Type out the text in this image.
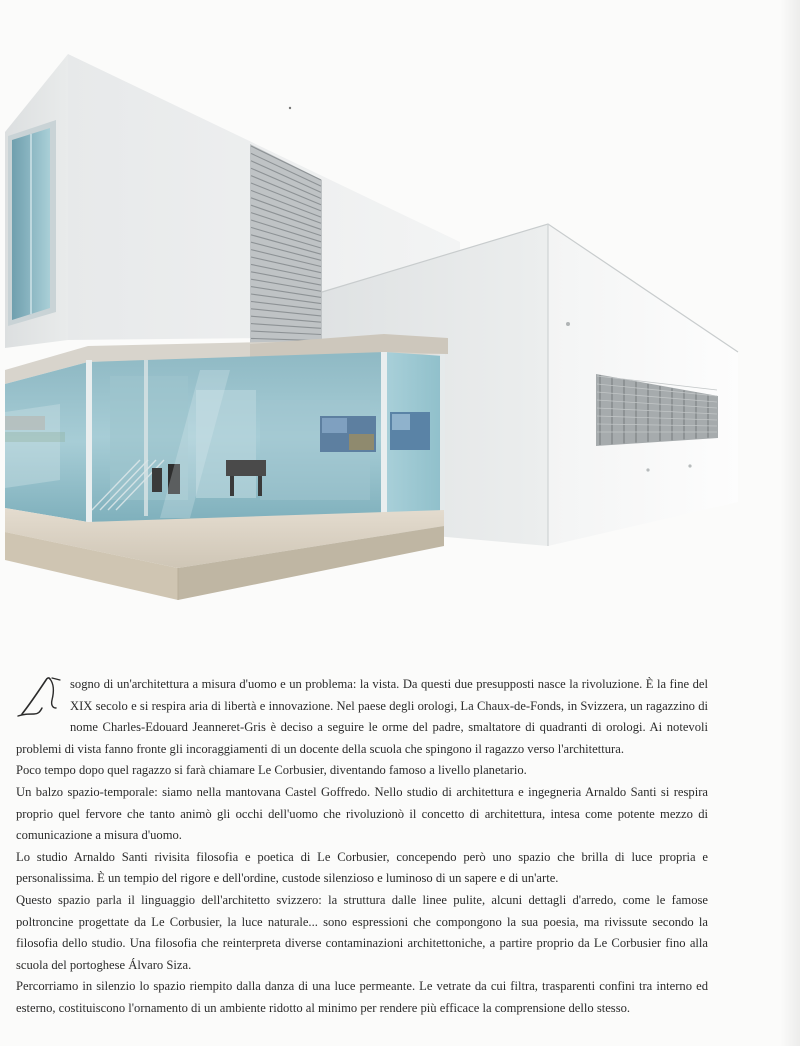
sogno di un'architettura a misura d'uomo e un problema: la vista. Da questi due presupposti nasce la rivoluzione. È la fine del XIX secolo e si respira aria di libertà e innovazione. Nel paese degli orologi, La Chaux-de-Fonds, in Svizzera, un ragazzino di nome Charles-Edouard Jeanneret-Gris è deciso a seguire le orme del padre, smaltatore di quadranti di orologi. Ai notevoli problemi di vista fanno fronte gli incoraggiamenti di un docente della scuola che spingono il ragazzo verso l'architettura.

Poco tempo dopo quel ragazzo si farà chiamare Le Corbusier, diventando famoso a livello planetario.

Un balzo spazio-temporale: siamo nella mantovana Castel Goffredo. Nello studio di architettura e ingegneria Arnaldo Santi si respira proprio quel fervore che tanto animò gli occhi dell'uomo che rivoluzionò il concetto di architettura, intesa come potente mezzo di comunicazione a misura d'uomo.

Lo studio Arnaldo Santi rivisita filosofia e poetica di Le Corbusier, concependo però uno spazio che brilla di luce propria e personalissima. È un tempio del rigore e dell'ordine, custode silenzioso e luminoso di un sapere e di un'arte.

Questo spazio parla il linguaggio dell'architetto svizzero: la struttura dalle linee pulite, alcuni dettagli d'arredo, come le famose poltroncine progettate da Le Corbusier, la luce naturale... sono espressioni che compongono la sua poesia, ma rivissute secondo la filosofia dello studio. Una filosofia che reinterpreta diverse contaminazioni architettoniche, a partire proprio da Le Corbusier fino alla scuola del portoghese Álvaro Siza.

Percorriamo in silenzio lo spazio riempito dalla danza di una luce permeante. Le vetrate da cui filtra, trasparenti confini tra interno ed esterno, costituiscono l'ornamento di un ambiente ridotto al minimo per rendere più efficace la comprensione dello stesso.
